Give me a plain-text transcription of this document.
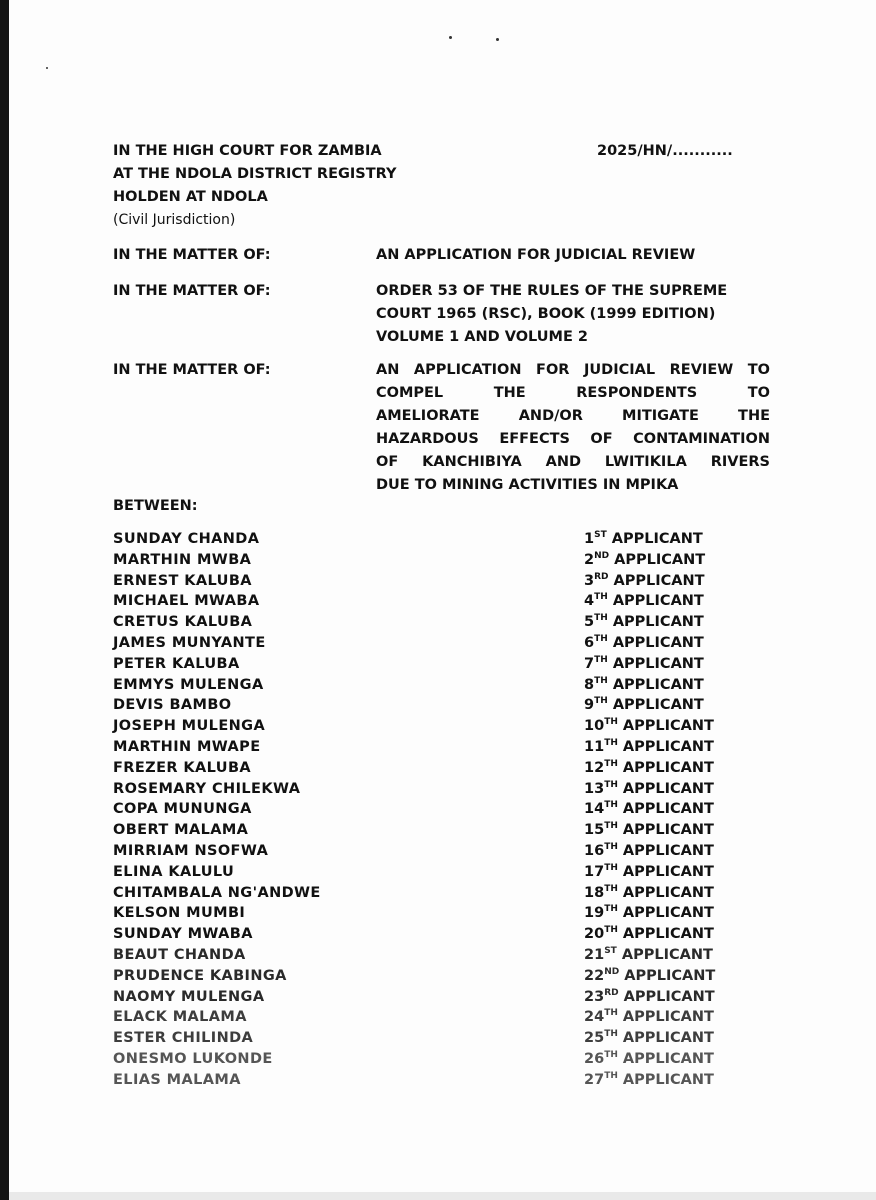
IN THE HIGH COURT FOR ZAMBIA
AT THE NDOLA DISTRICT REGISTRY
HOLDEN AT NDOLA
(Civil Jurisdiction)
2025/HN/...........
IN THE MATTER OF:	AN APPLICATION FOR JUDICIAL REVIEW
IN THE MATTER OF:	ORDER 53 OF THE RULES OF THE SUPREME
COURT 1965 (RSC), BOOK (1999 EDITION)
VOLUME 1 AND VOLUME 2
IN THE MATTER OF:	AN APPLICATION FOR JUDICIAL REVIEW TO
COMPEL THE RESPONDENTS TO
AMELIORATE AND/OR MITIGATE THE
HAZARDOUS EFFECTS OF CONTAMINATION
OF KANCHIBIYA AND LWITIKILA RIVERS
DUE TO MINING ACTIVITIES IN MPIKA
BETWEEN:
SUNDAY CHANDA	1ST APPLICANT
MARTHIN MWBA	2ND APPLICANT
ERNEST KALUBA	3RD APPLICANT
MICHAEL MWABA	4TH APPLICANT
CRETUS KALUBA	5TH APPLICANT
JAMES MUNYANTE	6TH APPLICANT
PETER KALUBA	7TH APPLICANT
EMMYS MULENGA	8TH APPLICANT
DEVIS BAMBO	9TH APPLICANT
JOSEPH MULENGA	10TH APPLICANT
MARTHIN MWAPE	11TH APPLICANT
FREZER KALUBA	12TH APPLICANT
ROSEMARY CHILEKWA	13TH APPLICANT
COPA MUNUNGA	14TH APPLICANT
OBERT MALAMA	15TH APPLICANT
MIRRIAM NSOFWA	16TH APPLICANT
ELINA KALULU	17TH APPLICANT
CHITAMBALA NG'ANDWE	18TH APPLICANT
KELSON MUMBI	19TH APPLICANT
SUNDAY MWABA	20TH APPLICANT
BEAUT CHANDA	21ST APPLICANT
PRUDENCE KABINGA	22ND APPLICANT
NAOMY MULENGA	23RD APPLICANT
ELACK MALAMA	24TH APPLICANT
ESTER CHILINDA	25TH APPLICANT
ONESMO LUKONDE	26TH APPLICANT
ELIAS MALAMA	27TH APPLICANT
